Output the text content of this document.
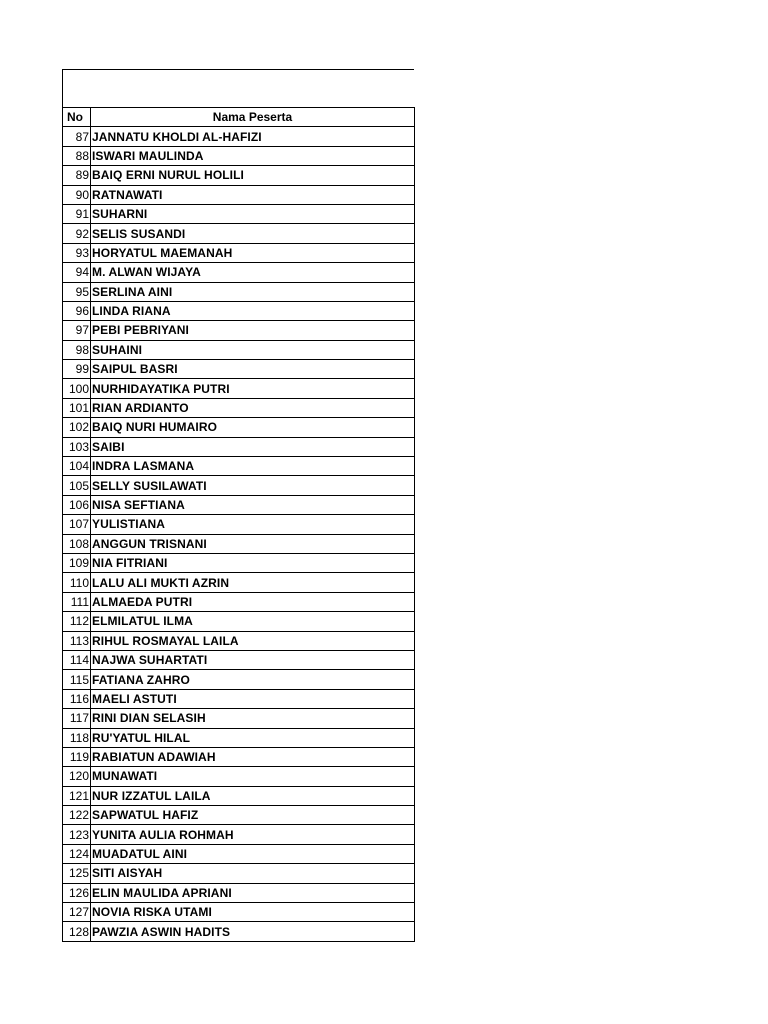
No	Nama Peserta
87	JANNATU KHOLDI AL-HAFIZI
88	ISWARI MAULINDA
89	BAIQ ERNI NURUL HOLILI
90	RATNAWATI
91	SUHARNI
92	SELIS SUSANDI
93	HORYATUL MAEMANAH
94	M. ALWAN WIJAYA
95	SERLINA AINI
96	LINDA RIANA
97	PEBI PEBRIYANI
98	SUHAINI
99	SAIPUL BASRI
100	NURHIDAYATIKA PUTRI
101	RIAN ARDIANTO
102	BAIQ NURI HUMAIRO
103	SAIBI
104	INDRA LASMANA
105	SELLY SUSILAWATI
106	NISA SEFTIANA
107	YULISTIANA
108	ANGGUN TRISNANI
109	NIA FITRIANI
110	LALU ALI MUKTI AZRIN
111	ALMAEDA PUTRI
112	ELMILATUL ILMA
113	RIHUL ROSMAYAL LAILA
114	NAJWA SUHARTATI
115	FATIANA ZAHRO
116	MAELI ASTUTI
117	RINI DIAN SELASIH
118	RU'YATUL HILAL
119	RABIATUN ADAWIAH
120	MUNAWATI
121	NUR IZZATUL LAILA
122	SAPWATUL HAFIZ
123	YUNITA AULIA ROHMAH
124	MUADATUL AINI
125	SITI AISYAH
126	ELIN MAULIDA APRIANI
127	NOVIA RISKA UTAMI
128	PAWZIA ASWIN HADITS
